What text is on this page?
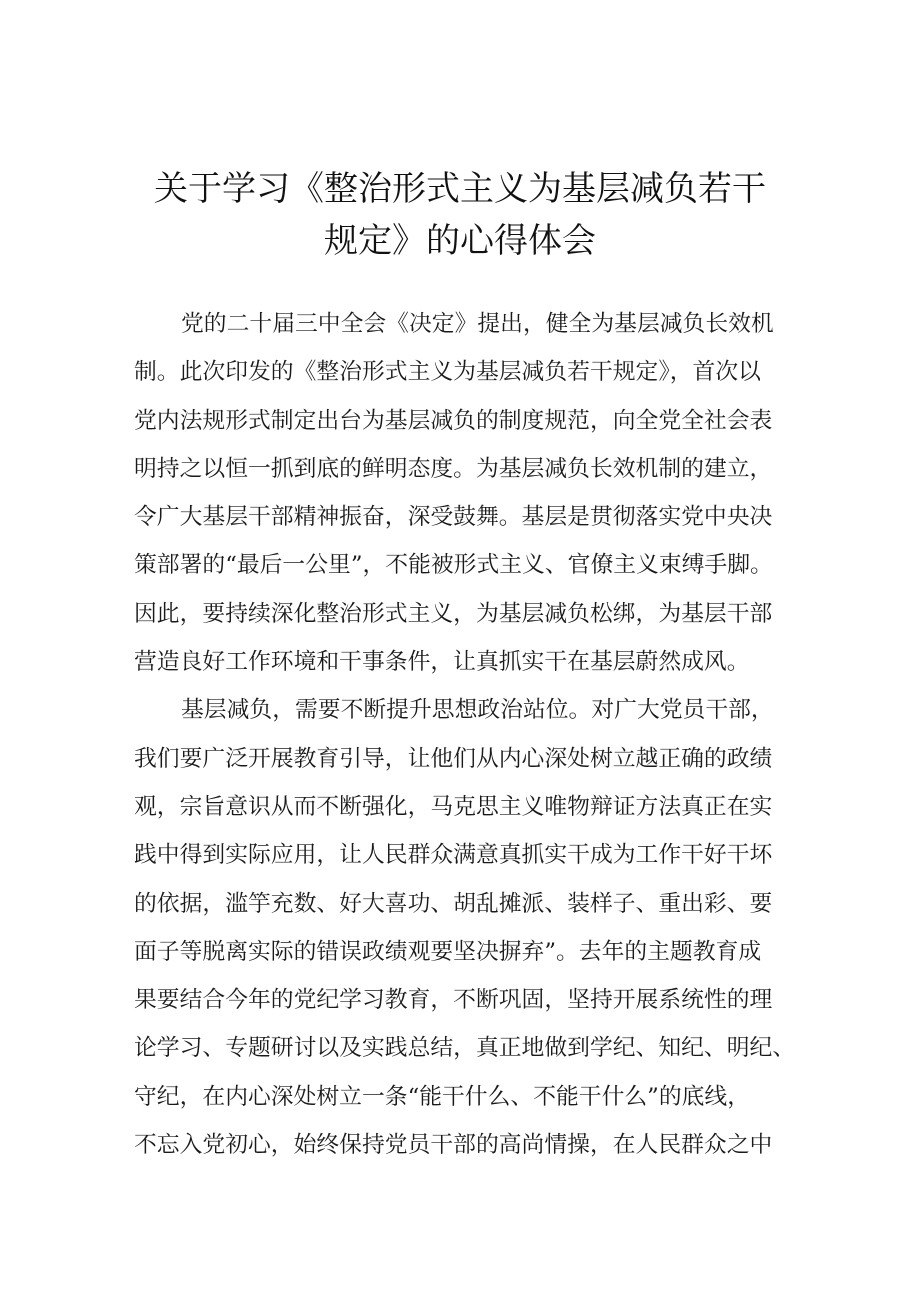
关于学习《整治形式主义为基层减负若干
规定》的心得体会
党的二十届三中全会《决定》提出，健全为基层减负长效机
制。此次印发的《整治形式主义为基层减负若干规定》，首次以
党内法规形式制定出台为基层减负的制度规范，向全党全社会表
明持之以恒一抓到底的鲜明态度。为基层减负长效机制的建立，
令广大基层干部精神振奋，深受鼓舞。基层是贯彻落实党中央决
策部署的“最后一公里”，不能被形式主义、官僚主义束缚手脚。
因此，要持续深化整治形式主义，为基层减负松绑，为基层干部
营造良好工作环境和干事条件，让真抓实干在基层蔚然成风。
基层减负，需要不断提升思想政治站位。对广大党员干部，
我们要广泛开展教育引导，让他们从内心深处树立越正确的政绩
观，宗旨意识从而不断强化，马克思主义唯物辩证方法真正在实
践中得到实际应用，让人民群众满意真抓实干成为工作干好干坏
的依据，滥竽充数、好大喜功、胡乱摊派、装样子、重出彩、要
面子等脱离实际的错误政绩观要坚决摒弃”。去年的主题教育成
果要结合今年的党纪学习教育，不断巩固，坚持开展系统性的理
论学习、专题研讨以及实践总结，真正地做到学纪、知纪、明纪、
守纪，在内心深处树立一条“能干什么、不能干什么”的底线，
不忘入党初心，始终保持党员干部的高尚情操，在人民群众之中
